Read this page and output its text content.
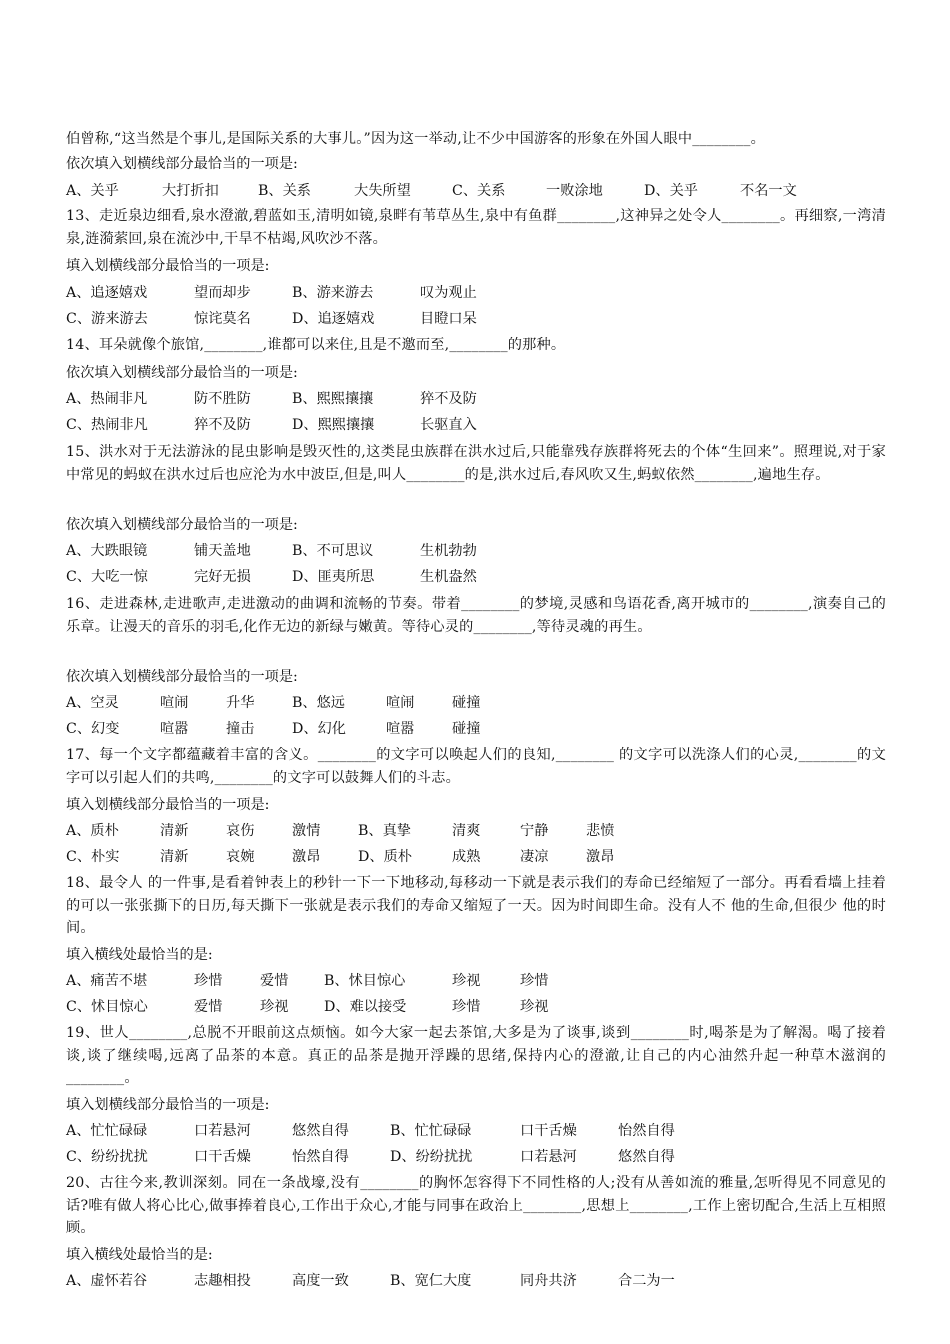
伯曾称,“这当然是个事儿,是国际关系的大事儿。”因为这一举动,让不少中国游客的形象在外国人眼中________。
依次填入划横线部分最恰当的一项是:
A、关乎	大打折扣	B、关系	大失所望	C、关系	一败涂地	D、关乎	不名一文
13、走近泉边细看,泉水澄澈,碧蓝如玉,清明如镜,泉畔有苇草丛生,泉中有鱼群________,这神异之处令人________。再细察,一湾清泉,涟漪萦回,泉在流沙中,干旱不枯竭,风吹沙不落。
填入划横线部分最恰当的一项是:
A、追逐嬉戏	望而却步	B、游来游去	叹为观止
C、游来游去	惊诧莫名	D、追逐嬉戏	目瞪口呆
14、耳朵就像个旅馆,________,谁都可以来住,且是不邀而至,________的那种。
依次填入划横线部分最恰当的一项是:
A、热闹非凡	防不胜防	B、熙熙攘攘	猝不及防
C、热闹非凡	猝不及防	D、熙熙攘攘	长驱直入
15、洪水对于无法游泳的昆虫影响是毁灭性的,这类昆虫族群在洪水过后,只能靠残存族群将死去的个体“生回来”。照理说,对于家中常见的蚂蚁在洪水过后也应沦为水中波臣,但是,叫人________的是,洪水过后,春风吹又生,蚂蚁依然________,遍地生存。
依次填入划横线部分最恰当的一项是:
A、大跌眼镜	铺天盖地	B、不可思议	生机勃勃
C、大吃一惊	完好无损	D、匪夷所思	生机盎然
16、走进森林,走进歌声,走进激动的曲调和流畅的节奏。带着________的梦境,灵感和鸟语花香,离开城市的________,演奏自己的乐章。让漫天的音乐的羽毛,化作无边的新绿与嫩黄。等待心灵的________,等待灵魂的再生。
依次填入划横线部分最恰当的一项是:
A、空灵	喧闹	升华	B、悠远	喧闹	碰撞
C、幻变	喧嚣	撞击	D、幻化	喧嚣	碰撞
17、每一个文字都蕴藏着丰富的含义。________的文字可以唤起人们的良知,________ 的文字可以洗涤人们的心灵,________的文字可以引起人们的共鸣,________的文字可以鼓舞人们的斗志。
填入划横线部分最恰当的一项是:
A、质朴	清新	哀伤	激情	B、真挚	清爽	宁静	悲愤
C、朴实	清新	哀婉	激昂	D、质朴	成熟	凄凉	激昂
18、最令人 的一件事,是看着钟表上的秒针一下一下地移动,每移动一下就是表示我们的寿命已经缩短了一部分。再看看墙上挂着的可以一张张撕下的日历,每天撕下一张就是表示我们的寿命又缩短了一天。因为时间即生命。没有人不 他的生命,但很少 他的时间。
填入横线处最恰当的是:
A、痛苦不堪	珍惜	爱惜	B、怵目惊心	珍视	珍惜
C、怵目惊心	爱惜	珍视	D、难以接受	珍惜	珍视
19、世人________,总脱不开眼前这点烦恼。如今大家一起去茶馆,大多是为了谈事,谈到________时,喝茶是为了解渴。喝了接着谈,谈了继续喝,远离了品茶的本意。真正的品茶是抛开浮躁的思绪,保持内心的澄澈,让自己的内心油然升起一种草木滋润的________。
填入划横线部分最恰当的一项是:
A、忙忙碌碌	口若悬河	悠然自得	B、忙忙碌碌	口干舌燥	怡然自得
C、纷纷扰扰	口干舌燥	怡然自得	D、纷纷扰扰	口若悬河	悠然自得
20、古往今来,教训深刻。同在一条战壕,没有________的胸怀怎容得下不同性格的人;没有从善如流的雅量,怎听得见不同意见的话?唯有做人将心比心,做事捧着良心,工作出于众心,才能与同事在政治上________,思想上________,工作上密切配合,生活上互相照顾。
填入横线处最恰当的是:
A、虚怀若谷	志趣相投	高度一致	B、宽仁大度	同舟共济	合二为一
